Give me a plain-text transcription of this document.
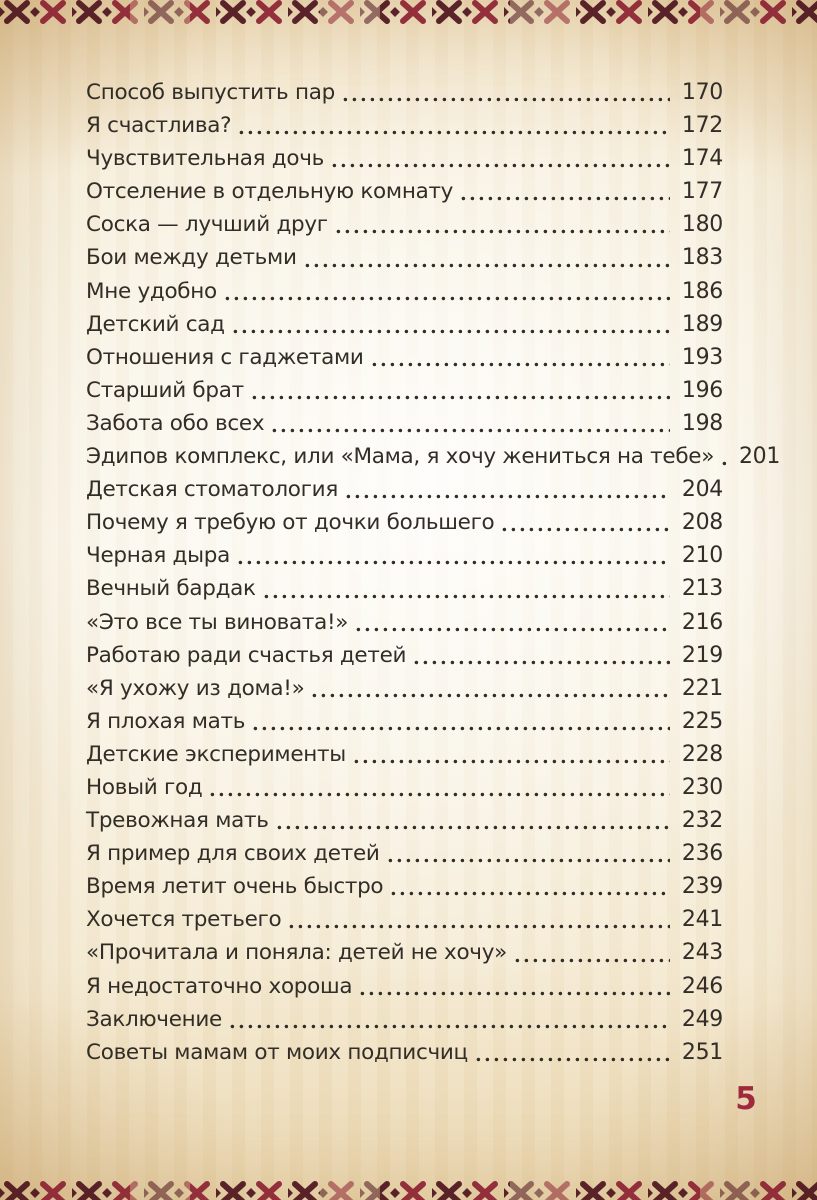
Способ выпустить пар	170
Я счастлива?	172
Чувствительная дочь	174
Отселение в отдельную комнату	177
Соска — лучший друг	180
Бои между детьми	183
Мне удобно	186
Детский сад	189
Отношения с гаджетами	193
Старший брат	196
Забота обо всех	198
Эдипов комплекс, или «Мама, я хочу жениться на тебе»	201
Детская стоматология	204
Почему я требую от дочки большего	208
Черная дыра	210
Вечный бардак	213
«Это все ты виновата!»	216
Работаю ради счастья детей	219
«Я ухожу из дома!»	221
Я плохая мать	225
Детские эксперименты	228
Новый год	230
Тревожная мать	232
Я пример для своих детей	236
Время летит очень быстро	239
Хочется третьего	241
«Прочитала и поняла: детей не хочу»	243
Я недостаточно хороша	246
Заключение	249
Советы мамам от моих подписчиц	251
5
